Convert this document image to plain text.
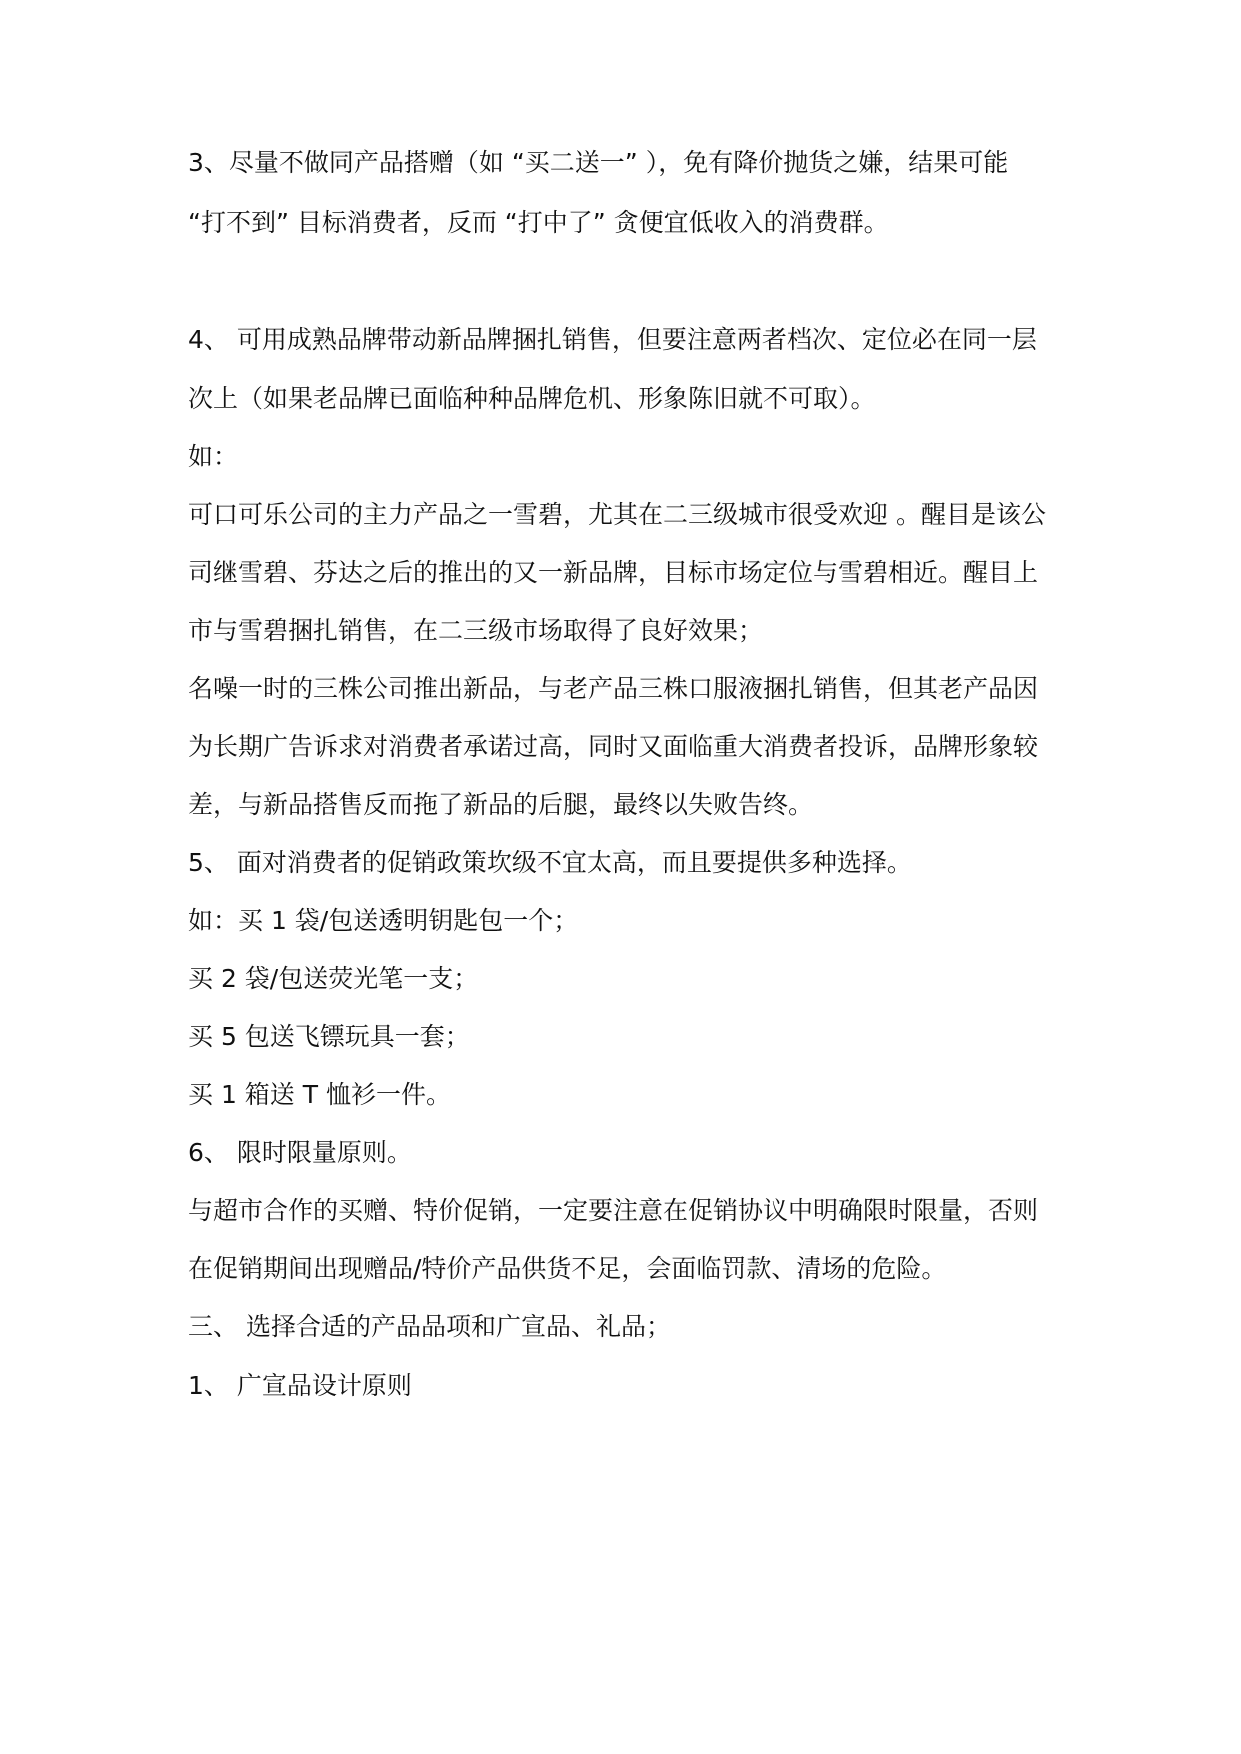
3、尽量不做同产品搭赠（如 “买二送一” ），免有降价抛货之嫌，结果可能
“打不到” 目标消费者，反而 “打中了” 贪便宜低收入的消费群。
4、 可用成熟品牌带动新品牌捆扎销售，但要注意两者档次、定位必在同一层
次上（如果老品牌已面临种种品牌危机、形象陈旧就不可取）。
如：
可口可乐公司的主力产品之一雪碧，尤其在二三级城市很受欢迎 。醒目是该公
司继雪碧、芬达之后的推出的又一新品牌，目标市场定位与雪碧相近。醒目上
市与雪碧捆扎销售，在二三级市场取得了良好效果；
名噪一时的三株公司推出新品，与老产品三株口服液捆扎销售，但其老产品因
为长期广告诉求对消费者承诺过高，同时又面临重大消费者投诉，品牌形象较
差，与新品搭售反而拖了新品的后腿，最终以失败告终。
5、 面对消费者的促销政策坎级不宜太高，而且要提供多种选择。
如：买 1 袋/包送透明钥匙包一个；
买 2 袋/包送荧光笔一支；
买 5 包送飞镖玩具一套；
买 1 箱送 T 恤衫一件。
6、 限时限量原则。
与超市合作的买赠、特价促销，一定要注意在促销协议中明确限时限量，否则
在促销期间出现赠品/特价产品供货不足，会面临罚款、清场的危险。
三、 选择合适的产品品项和广宣品、礼品；
1、 广宣品设计原则
